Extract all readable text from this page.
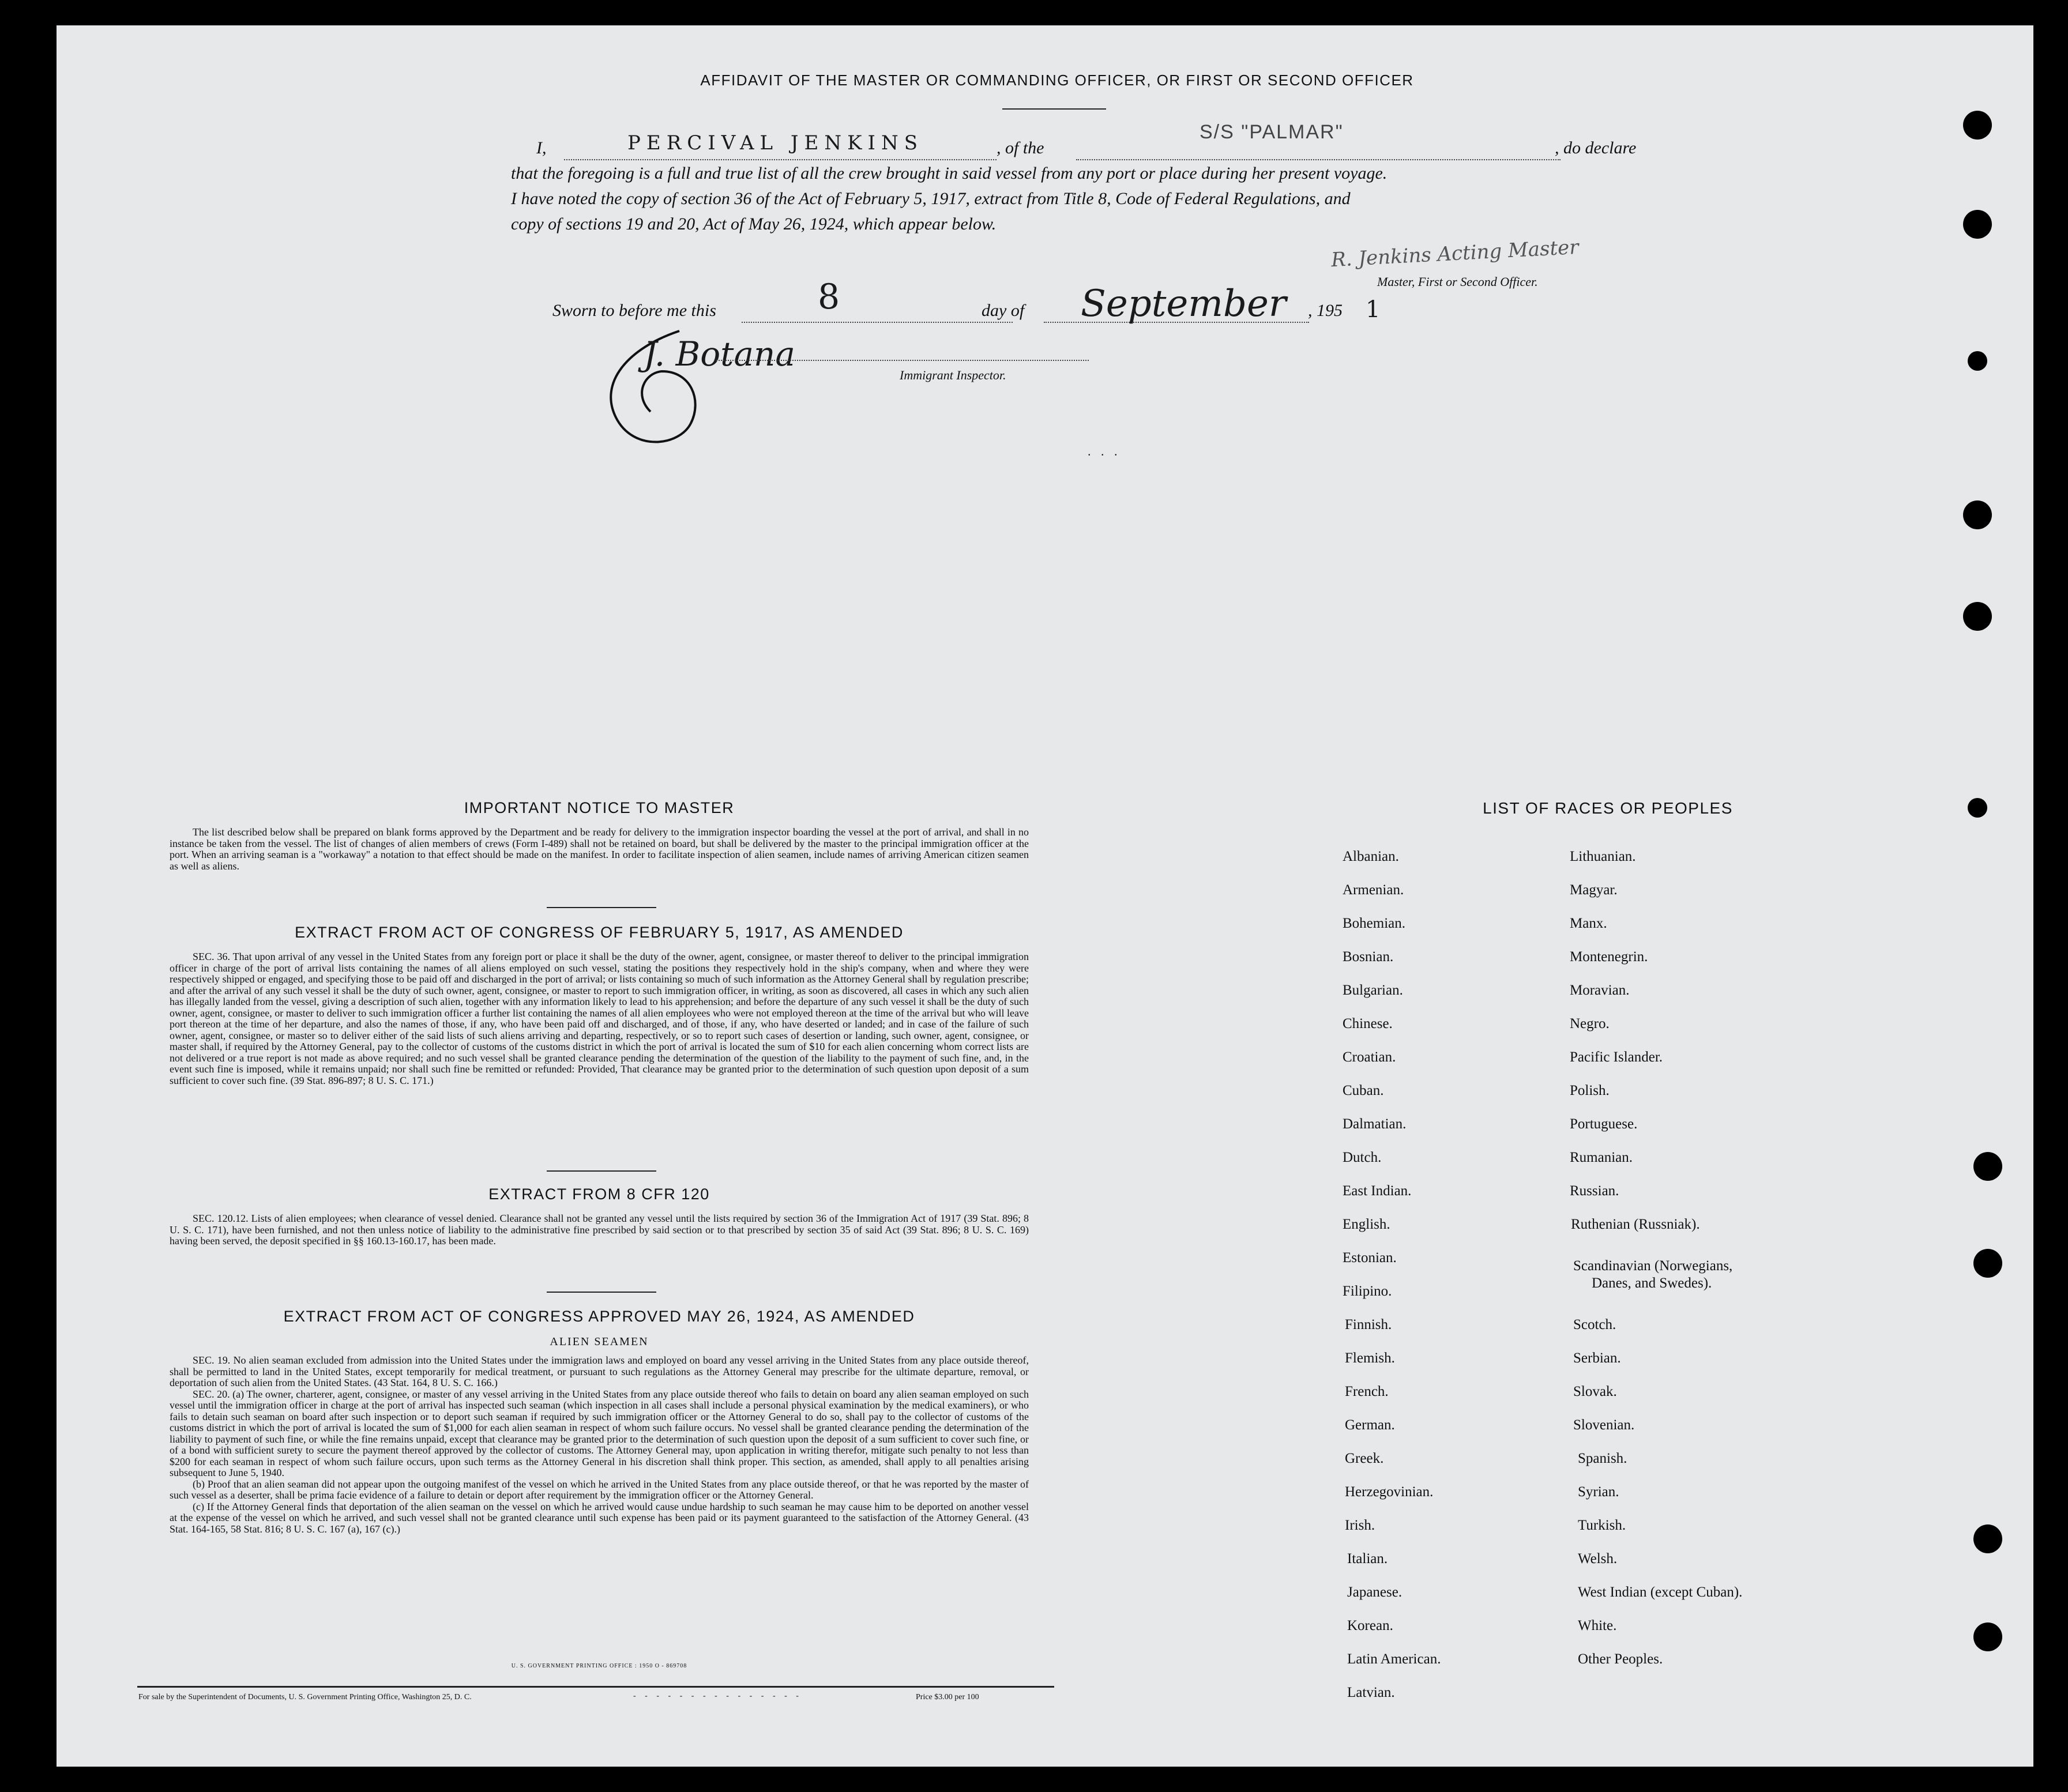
AFFIDAVIT OF THE MASTER OR COMMANDING OFFICER, OR FIRST OR SECOND OFFICER
I,	PERCIVAL JENKINS	, of the
S/S "PALMAR"
, do declare
that the foregoing is a full and true list of all the crew brought in said vessel from any port or place during her present voyage.
I have noted the copy of section 36 of the Act of February 5, 1917, extract from Title 8, Code of Federal Regulations, and
copy of sections 19 and 20, Act of May 26, 1924, which appear below.
R. Jenkins Acting Master
Master, First or Second Officer.
Sworn to before me this	8	day of September , 195 1
J. Botana
Immigrant Inspector.
. . .
IMPORTANT NOTICE TO MASTER

The list described below shall be prepared on blank forms approved by the Department and be ready for delivery to the immigration inspector boarding the vessel at the port of arrival, and shall in no instance be taken from the vessel. The list of changes of alien members of crews (Form I-489) shall not be retained on board, but shall be delivered by the master to the principal immigration officer at the port. When an arriving seaman is a "workaway" a notation to that effect should be made on the manifest. In order to facilitate inspection of alien seamen, include names of arriving American citizen seamen as well as aliens.

EXTRACT FROM ACT OF CONGRESS OF FEBRUARY 5, 1917, AS AMENDED

SEC. 36. That upon arrival of any vessel in the United States from any foreign port or place it shall be the duty of the owner, agent, consignee, or master thereof to deliver to the principal immigration officer in charge of the port of arrival lists containing the names of all aliens employed on such vessel, stating the positions they respectively hold in the ship's company, when and where they were respectively shipped or engaged, and specifying those to be paid off and discharged in the port of arrival; or lists containing so much of such information as the Attorney General shall by regulation prescribe; and after the arrival of any such vessel it shall be the duty of such owner, agent, consignee, or master to report to such immigration officer, in writing, as soon as discovered, all cases in which any such alien has illegally landed from the vessel, giving a description of such alien, together with any information likely to lead to his apprehension; and before the departure of any such vessel it shall be the duty of such owner, agent, consignee, or master to deliver to such immigration officer a further list containing the names of all alien employees who were not employed thereon at the time of the arrival but who will leave port thereon at the time of her departure, and also the names of those, if any, who have been paid off and discharged, and of those, if any, who have deserted or landed; and in case of the failure of such owner, agent, consignee, or master so to deliver either of the said lists of such aliens arriving and departing, respectively, or so to report such cases of desertion or landing, such owner, agent, consignee, or master shall, if required by the Attorney General, pay to the collector of customs of the customs district in which the port of arrival is located the sum of $10 for each alien concerning whom correct lists are not delivered or a true report is not made as above required; and no such vessel shall be granted clearance pending the determination of the question of the liability to the payment of such fine, and, in the event such fine is imposed, while it remains unpaid; nor shall such fine be remitted or refunded: Provided, That clearance may be granted prior to the determination of such question upon deposit of a sum sufficient to cover such fine. (39 Stat. 896-897; 8 U. S. C. 171.)

EXTRACT FROM 8 CFR 120

SEC. 120.12. Lists of alien employees; when clearance of vessel denied. Clearance shall not be granted any vessel until the lists required by section 36 of the Immigration Act of 1917 (39 Stat. 896; 8 U. S. C. 171), have been furnished, and not then unless notice of liability to the administrative fine prescribed by said section or to that prescribed by section 35 of said Act (39 Stat. 896; 8 U. S. C. 169) having been served, the deposit specified in §§ 160.13-160.17, has been made.

EXTRACT FROM ACT OF CONGRESS APPROVED MAY 26, 1924, AS AMENDED
ALIEN SEAMEN

SEC. 19. No alien seaman excluded from admission into the United States under the immigration laws and employed on board any vessel arriving in the United States from any place outside thereof, shall be permitted to land in the United States, except temporarily for medical treatment, or pursuant to such regulations as the Attorney General may prescribe for the ultimate departure, removal, or deportation of such alien from the United States. (43 Stat. 164, 8 U. S. C. 166.)

SEC. 20. (a) The owner, charterer, agent, consignee, or master of any vessel arriving in the United States from any place outside thereof who fails to detain on board any alien seaman employed on such vessel until the immigration officer in charge at the port of arrival has inspected such seaman (which inspection in all cases shall include a personal physical examination by the medical examiners), or who fails to detain such seaman on board after such inspection or to deport such seaman if required by such immigration officer or the Attorney General to do so, shall pay to the collector of customs of the customs district in which the port of arrival is located the sum of $1,000 for each alien seaman in respect of whom such failure occurs. No vessel shall be granted clearance pending the determination of the liability to payment of such fine, or while the fine remains unpaid, except that clearance may be granted prior to the determination of such question upon the deposit of a sum sufficient to cover such fine, or of a bond with sufficient surety to secure the payment thereof approved by the collector of customs. The Attorney General may, upon application in writing therefor, mitigate such penalty to not less than $200 for each seaman in respect of whom such failure occurs, upon such terms as the Attorney General in his discretion shall think proper. This section, as amended, shall apply to all penalties arising subsequent to June 5, 1940.

(b) Proof that an alien seaman did not appear upon the outgoing manifest of the vessel on which he arrived in the United States from any place outside thereof, or that he was reported by the master of such vessel as a deserter, shall be prima facie evidence of a failure to detain or deport after requirement by the immigration officer or the Attorney General.

(c) If the Attorney General finds that deportation of the alien seaman on the vessel on which he arrived would cause undue hardship to such seaman he may cause him to be deported on another vessel at the expense of the vessel on which he arrived, and such vessel shall not be granted clearance until such expense has been paid or its payment guaranteed to the satisfaction of the Attorney General. (43 Stat. 164-165, 58 Stat. 816; 8 U. S. C. 167 (a), 167 (c).)

U. S. GOVERNMENT PRINTING OFFICE : 1950 O - 869708
For sale by the Superintendent of Documents, U. S. Government Printing Office, Washington 25, D. C.	- - - - - - - - - - - - - - -	Price $3.00 per 100
LIST OF RACES OR PEOPLES
Albanian.
Armenian.
Bohemian.
Bosnian.
Bulgarian.
Chinese.
Croatian.
Cuban.
Dalmatian.
Dutch.
East Indian.
English.
Estonian.
Filipino.
Finnish.
Flemish.
French.
German.
Greek.
Herzegovinian.
Irish.
Italian.
Japanese.
Korean.
Latin American.
Latvian.
Lithuanian.
Magyar.
Manx.
Montenegrin.
Moravian.
Negro.
Pacific Islander.
Polish.
Portuguese.
Rumanian.
Russian.
Ruthenian (Russniak).
Scandinavian (Norwegians,
Danes, and Swedes).
Scotch.
Serbian.
Slovak.
Slovenian.
Spanish.
Syrian.
Turkish.
Welsh.
West Indian (except Cuban).
White.
Other Peoples.
